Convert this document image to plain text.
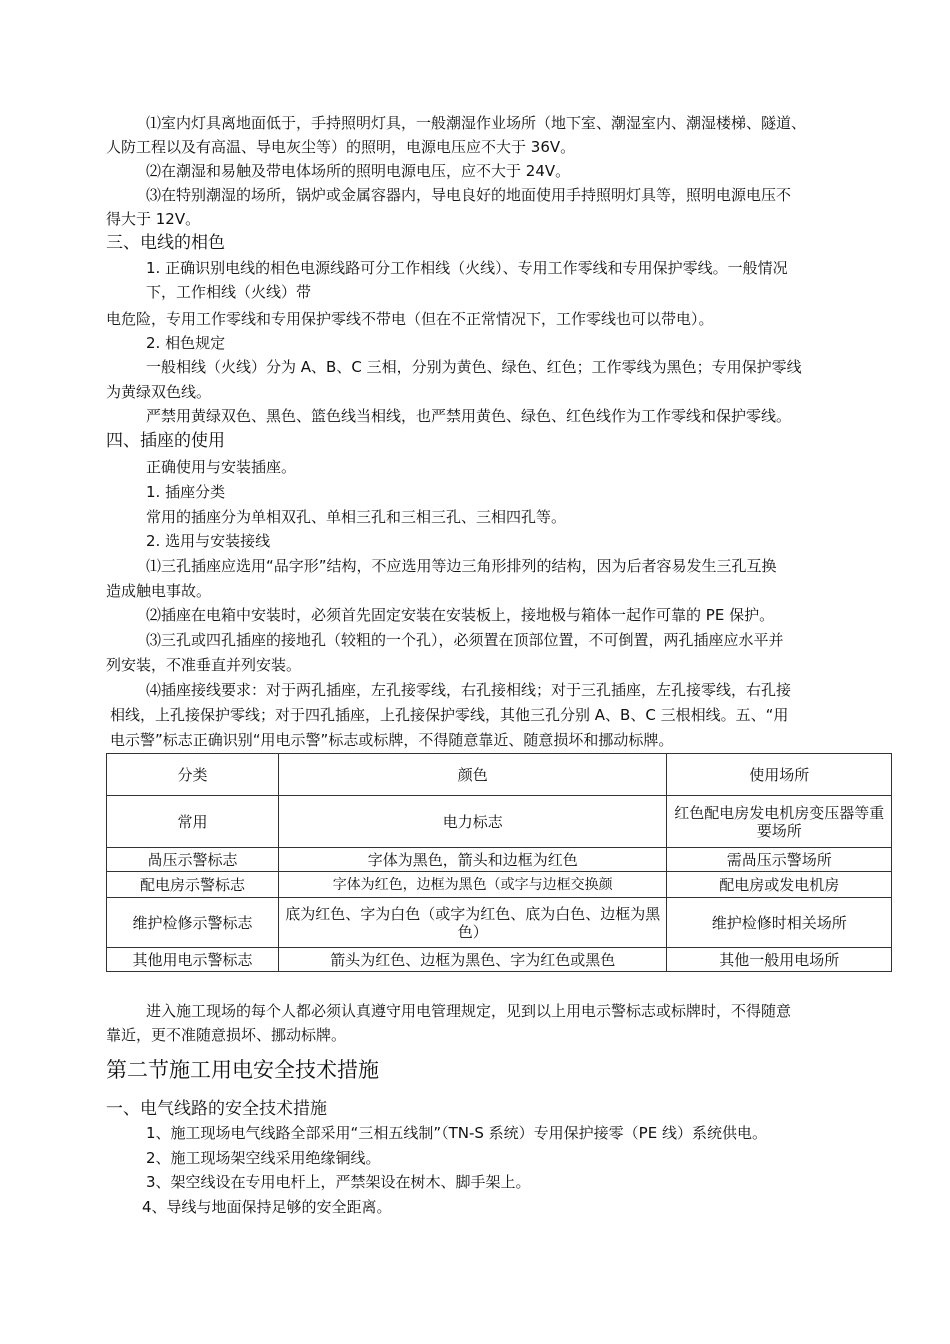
⑴室内灯具离地面低于，手持照明灯具，一般潮湿作业场所（地下室、潮湿室内、潮湿楼梯、隧道、
人防工程以及有高温、导电灰尘等）的照明，电源电压应不大于 36V。
⑵在潮湿和易触及带电体场所的照明电源电压，应不大于 24V。
⑶在特别潮湿的场所，锅炉或金属容器内，导电良好的地面使用手持照明灯具等，照明电源电压不
得大于 12V。
三、电线的相色
1. 正确识别电线的相色电源线路可分工作相线（火线）、专用工作零线和专用保护零线。一般情况
下，工作相线（火线）带
电危险，专用工作零线和专用保护零线不带电（但在不正常情况下，工作零线也可以带电）。
2. 相色规定
一般相线（火线）分为 A、B、C 三相，分别为黄色、绿色、红色；工作零线为黑色；专用保护零线
为黄绿双色线。
严禁用黄绿双色、黑色、篮色线当相线，也严禁用黄色、绿色、红色线作为工作零线和保护零线。
四、插座的使用
正确使用与安装插座。
1. 插座分类
常用的插座分为单相双孔、单相三孔和三相三孔、三相四孔等。
2. 选用与安装接线
⑴三孔插座应选用“品字形”结构，不应选用等边三角形排列的结构，因为后者容易发生三孔互换
造成触电事故。
⑵插座在电箱中安装时，必须首先固定安装在安装板上，接地极与箱体一起作可靠的 PE 保护。
⑶三孔或四孔插座的接地孔（较粗的一个孔），必须置在顶部位置，不可倒置，两孔插座应水平并
列安装，不准垂直并列安装。
⑷插座接线要求：对于两孔插座，左孔接零线，右孔接相线；对于三孔插座，左孔接零线，右孔接
相线，上孔接保护零线；对于四孔插座，上孔接保护零线，其他三孔分别 A、B、C 三根相线。五、“用
电示警”标志正确识别“用电示警”标志或标牌，不得随意靠近、随意损坏和挪动标牌。
分类	颜色	使用场所
常用	电力标志	红色配电房发电机房变压器等重要场所
咼压示警标志	字体为黑色，箭头和边框为红色	需咼压示警场所
配电房示警标志	字体为红色，边框为黑色（或字与边框交换颜	配电房或发电机房
维护检修示警标志	底为红色、字为白色（或字为红色、底为白色、边框为黑色）	维护检修时相关场所
其他用电示警标志	箭头为红色、边框为黑色、字为红色或黑色	其他一般用电场所
进入施工现场的每个人都必须认真遵守用电管理规定，见到以上用电示警标志或标牌时，不得随意
靠近，更不准随意损坏、挪动标牌。
第二节施工用电安全技术措施
一、电气线路的安全技术措施
1、施工现场电气线路全部采用“三相五线制”（TN-S 系统）专用保护接零（PE 线）系统供电。
2、施工现场架空线采用绝缘铜线。
3、架空线设在专用电杆上，严禁架设在树木、脚手架上。
4、导线与地面保持足够的安全距离。
